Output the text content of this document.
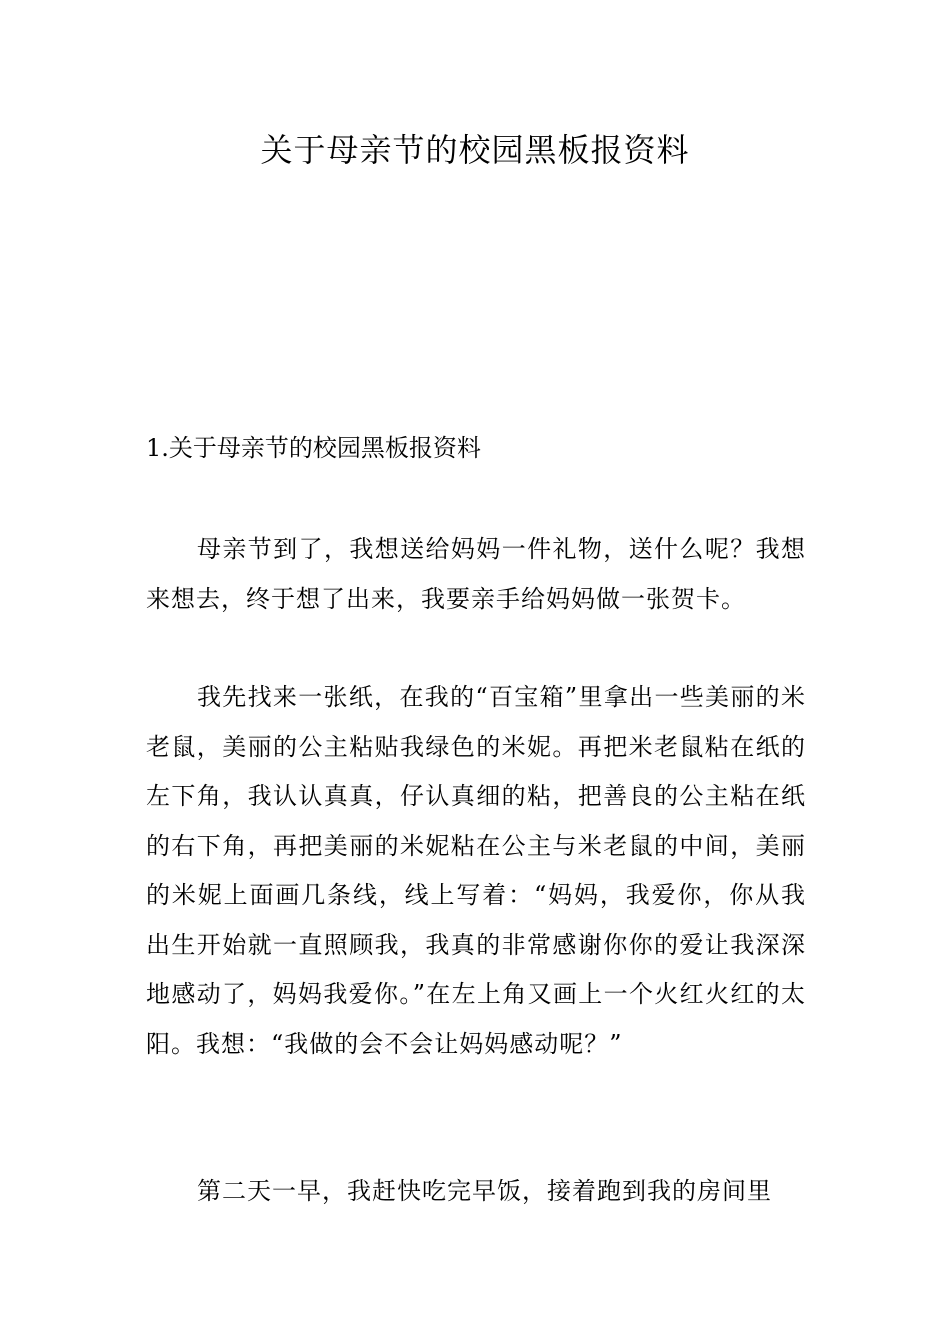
关于母亲节的校园黑板报资料

1.关于母亲节的校园黑板报资料

母亲节到了，我想送给妈妈一件礼物，送什么呢？我想来想去，终于想了出来，我要亲手给妈妈做一张贺卡。

我先找来一张纸，在我的“百宝箱”里拿出一些美丽的米老鼠，美丽的公主粘贴我绿色的米妮。再把米老鼠粘在纸的左下角，我认认真真，仔认真细的粘，把善良的公主粘在纸的右下角，再把美丽的米妮粘在公主与米老鼠的中间，美丽的米妮上面画几条线，线上写着：“妈妈，我爱你，你从我出生开始就一直照顾我，我真的非常感谢你你的爱让我深深地感动了，妈妈我爱你。”在左上角又画上一个火红火红的太阳。我想：“我做的会不会让妈妈感动呢？”

第二天一早，我赶快吃完早饭，接着跑到我的房间里
